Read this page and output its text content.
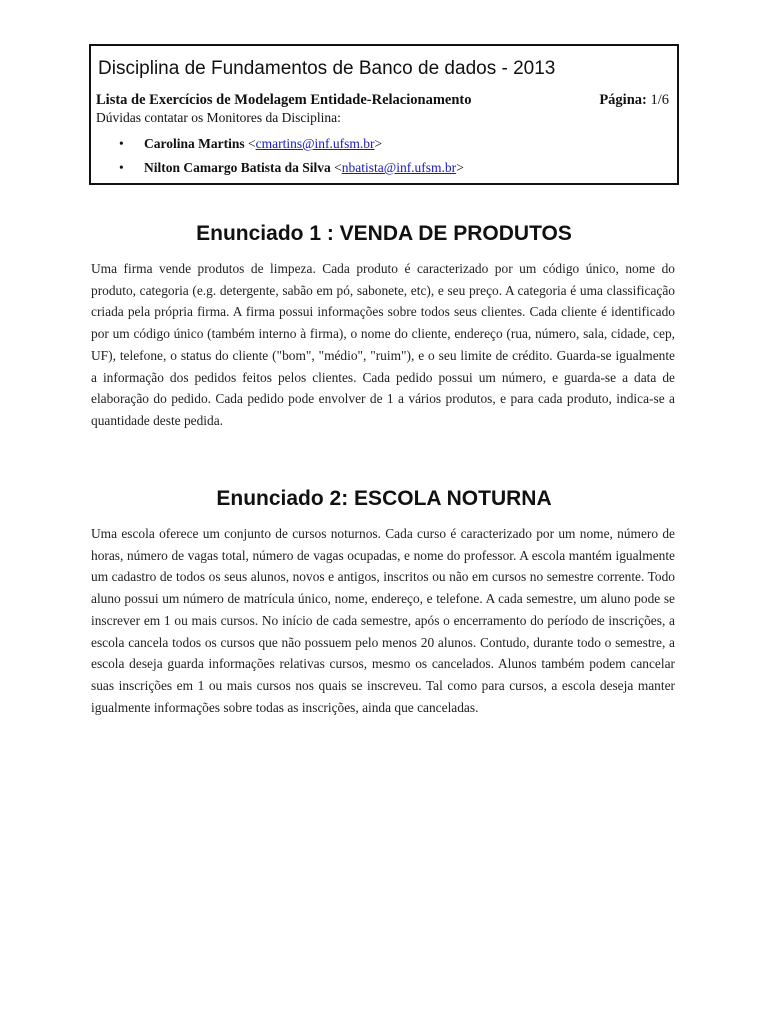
Disciplina de Fundamentos de Banco de dados - 2013
Lista de Exercícios de Modelagem Entidade-Relacionamento	Página: 1/6
Dúvidas contatar os Monitores da Disciplina:
• Carolina Martins <cmartins@inf.ufsm.br>
• Nilton Camargo Batista da Silva <nbatista@inf.ufsm.br>
Enunciado 1 : VENDA DE PRODUTOS

Uma firma vende produtos de limpeza. Cada produto é caracterizado por um código único, nome do produto, categoria (e.g. detergente, sabão em pó, sabonete, etc), e seu preço. A categoria é uma classificação criada pela própria firma. A firma possui informações sobre todos seus clientes. Cada cliente é identificado por um código único (também interno à firma), o nome do cliente, endereço (rua, número, sala, cidade, cep, UF), telefone, o status do cliente ("bom", "médio", "ruim"), e o seu limite de crédito. Guarda-se igualmente a informação dos pedidos feitos pelos clientes. Cada pedido possui um número, e guarda-se a data de elaboração do pedido. Cada pedido pode envolver de 1 a vários produtos, e para cada produto, indica-se a quantidade deste pedida.

Enunciado 2: ESCOLA NOTURNA

Uma escola oferece um conjunto de cursos noturnos. Cada curso é caracterizado por um nome, número de horas, número de vagas total, número de vagas ocupadas, e nome do professor. A escola mantém igualmente um cadastro de todos os seus alunos, novos e antigos, inscritos ou não em cursos no semestre corrente. Todo aluno possui um número de matrícula único, nome, endereço, e telefone. A cada semestre, um aluno pode se inscrever em 1 ou mais cursos. No início de cada semestre, após o encerramento do período de inscrições, a escola cancela todos os cursos que não possuem pelo menos 20 alunos. Contudo, durante todo o semestre, a escola deseja guarda informações relativas cursos, mesmo os cancelados. Alunos também podem cancelar suas inscrições em 1 ou mais cursos nos quais se inscreveu. Tal como para cursos, a escola deseja manter igualmente informações sobre todas as inscrições, ainda que canceladas.
